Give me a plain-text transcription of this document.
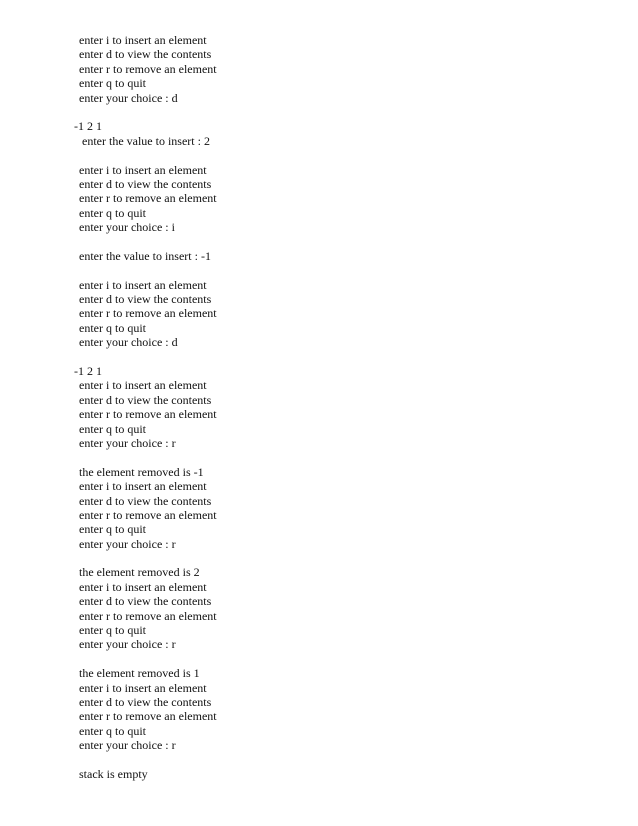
enter i to insert an element
enter d to view the contents
enter r to remove an element
enter q to quit
enter your choice : d
-1 2 1
enter the value to insert : 2
enter i to insert an element
enter d to view the contents
enter r to remove an element
enter q to quit
enter your choice : i
enter the value to insert : -1
enter i to insert an element
enter d to view the contents
enter r to remove an element
enter q to quit
enter your choice : d
-1 2 1
enter i to insert an element
enter d to view the contents
enter r to remove an element
enter q to quit
enter your choice : r
the element removed is -1
enter i to insert an element
enter d to view the contents
enter r to remove an element
enter q to quit
enter your choice : r
the element removed is 2
enter i to insert an element
enter d to view the contents
enter r to remove an element
enter q to quit
enter your choice : r
the element removed is 1
enter i to insert an element
enter d to view the contents
enter r to remove an element
enter q to quit
enter your choice : r
stack is empty
